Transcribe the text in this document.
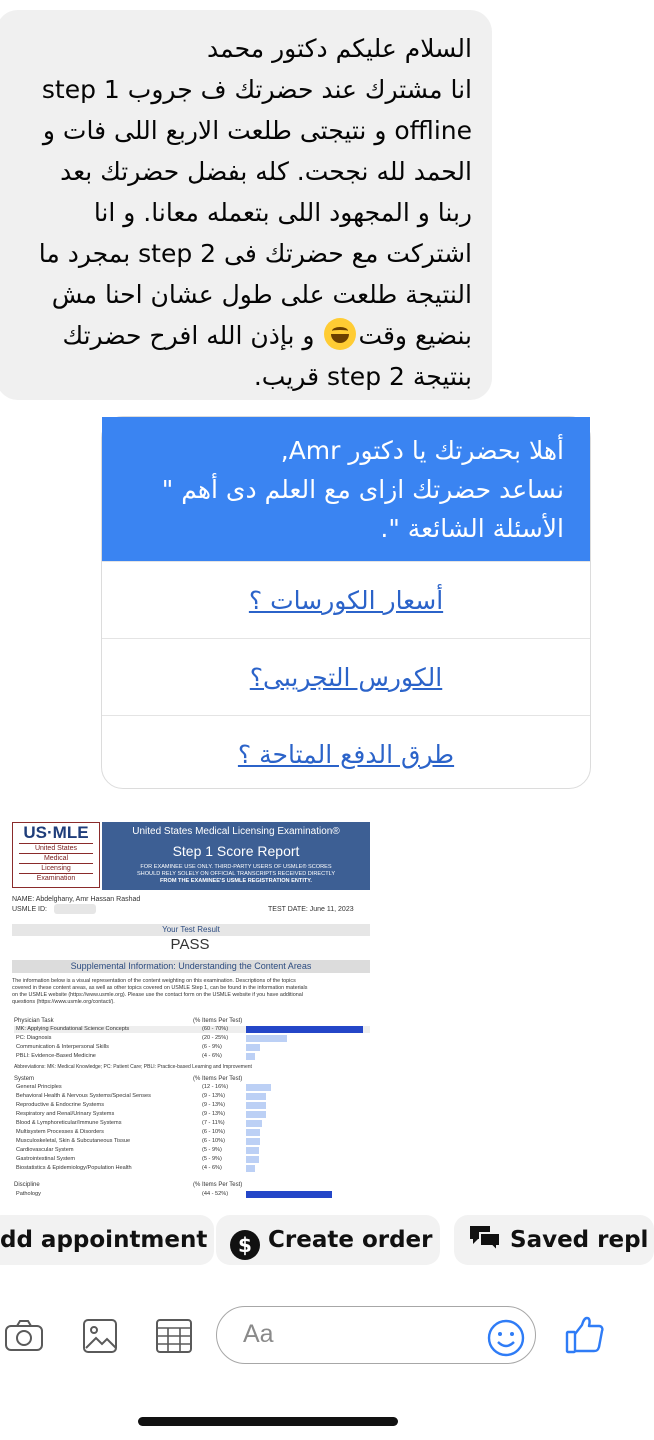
السلام عليكم دكتور محمد
انا مشترك عند حضرتك ف جروب step 1
offline و نتيجتى طلعت الاربع اللى فات و
الحمد لله نجحت. كله بفضل حضرتك بعد
ربنا و المجهود اللى بتعمله معانا. و انا
اشتركت مع حضرتك فى step 2 بمجرد ما
النتيجة طلعت على طول عشان احنا مش
بنضيع وقت و بإذن الله افرح حضرتك
بنتيجة step 2 قريب.
أهلا بحضرتك يا دكتور Amr,
نساعد حضرتك ازاى مع العلم دى أهم "
الأسئلة الشائعة ".
أسعار الكورسات ؟
الكورس التجريبى؟
طرق الدفع المتاحة ؟
US·MLE
United States
Medical
Licensing
Examination
United States Medical Licensing Examination®
Step 1 Score Report
FOR EXAMINEE USE ONLY. THIRD-PARTY USERS OF USMLE® SCORES
SHOULD RELY SOLELY ON OFFICIAL TRANSCRIPTS RECEIVED DIRECTLY
FROM THE EXAMINEE'S USMLE REGISTRATION ENTITY.
NAME: Abdelghany, Amr Hassan Rashad
USMLE ID:	TEST DATE: June 11, 2023
Your Test Result
PASS
Supplemental Information: Understanding the Content Areas
The information below is a visual representation of the content weighting on this examination. Descriptions of the topics
covered in these content areas, as well as other topics covered on USMLE Step 1, can be found in the information materials
on the USMLE website (https://www.usmle.org). Please use the contact form on the USMLE website if you have additional
questions (https://www.usmle.org/contact/).
Physician Task	(% Items Per Test)
MK: Applying Foundational Science Concepts	(60 - 70%)
PC: Diagnosis	(20 - 25%)
Communication & Interpersonal Skills	(6 - 9%)
PBLI: Evidence-Based Medicine	(4 - 6%)
Abbreviations: MK: Medical Knowledge; PC: Patient Care; PBLI: Practice-based Learning and Improvement
System	(% Items Per Test)
General Principles	(12 - 16%)
Behavioral Health & Nervous Systems/Special Senses	(9 - 13%)
Reproductive & Endocrine Systems	(9 - 13%)
Respiratory and Renal/Urinary Systems	(9 - 13%)
Blood & Lymphoreticular/Immune Systems	(7 - 11%)
Multisystem Processes & Disorders	(6 - 10%)
Musculoskeletal, Skin & Subcutaneous Tissue	(6 - 10%)
Cardiovascular System	(5 - 9%)
Gastrointestinal System	(5 - 9%)
Biostatistics & Epidemiology/Population Health	(4 - 6%)
Discipline	(% Items Per Test)
Pathology	(44 - 52%)
dd appointment	$ Create order	Saved repl
Aa
